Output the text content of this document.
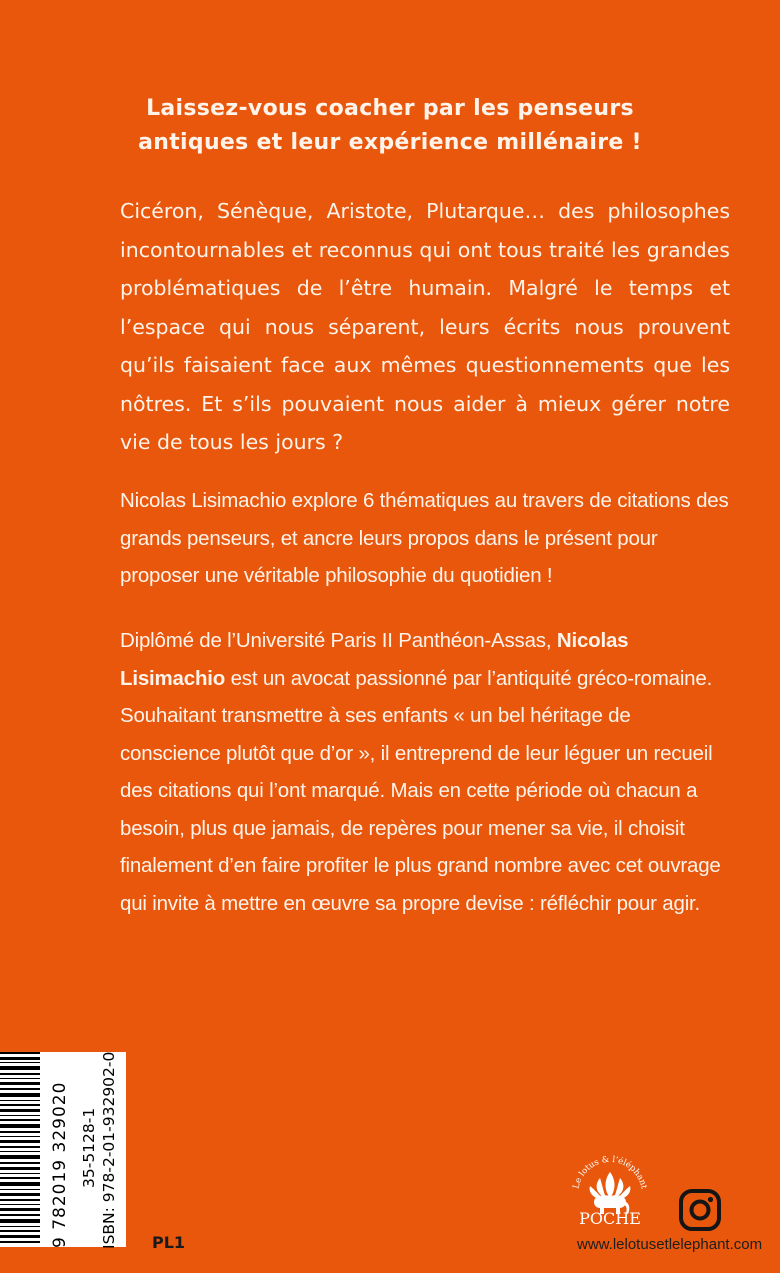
Laissez-vous coacher par les penseurs
antiques et leur expérience millénaire !
Cicéron, Sénèque, Aristote, Plutarque… des philosophes incontournables et reconnus qui ont tous traité les grandes problématiques de l’être humain. Malgré le temps et l’espace qui nous séparent, leurs écrits nous prouvent qu’ils faisaient face aux mêmes questionnements que les nôtres. Et s’ils pouvaient nous aider à mieux gérer notre vie de tous les jours ?
Nicolas Lisimachio explore 6 thématiques au travers de citations des grands penseurs, et ancre leurs propos dans le présent pour proposer une véritable philosophie du quotidien !
Diplômé de l’Université Paris II Panthéon-Assas, Nicolas Lisimachio est un avocat passionné par l’antiquité gréco-romaine. Souhaitant transmettre à ses enfants « un bel héritage de conscience plutôt que d’or », il entreprend de leur léguer un recueil des citations qui l’ont marqué. Mais en cette période où chacun a besoin, plus que jamais, de repères pour mener sa vie, il choisit finalement d’en faire profiter le plus grand nombre avec cet ouvrage qui invite à mettre en œuvre sa propre devise : réfléchir pour agir.
9 782019 329020 35-5128-1 ISBN: 978-2-01-932902-0 PL1
Le lotus & l’éléphant
POCHE
www.lelotusetlelephant.com
